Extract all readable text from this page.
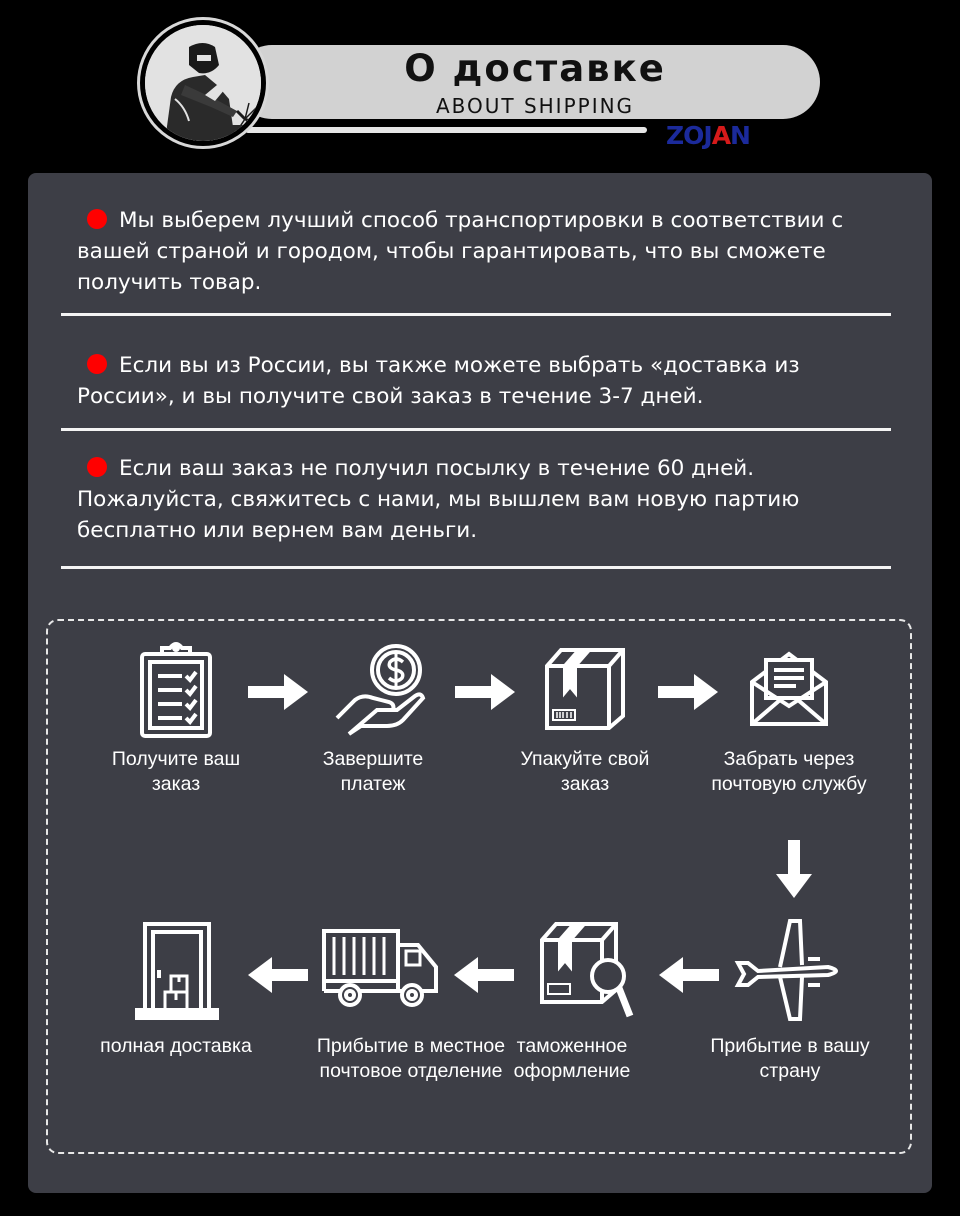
О доставке
ABOUT SHIPPING
ZOJAN
Мы выберем лучший способ транспортировки в соответствии с вашей страной и городом, чтобы гарантировать, что вы сможете получить товар.
Если вы из России, вы также можете выбрать «доставка из России», и вы получите свой заказ в течение 3-7 дней.
Если ваш заказ не получил посылку в течение 60 дней. Пожалуйста, свяжитесь с нами, мы вышлем вам новую партию бесплатно или вернем вам деньги.
Получите ваш заказ
Завершите платеж
Упакуйте свой заказ
Забрать через почтовую службу
полная доставка	Прибытие в местное почтовое отделение
таможенное оформление
Прибытие в вашу страну
